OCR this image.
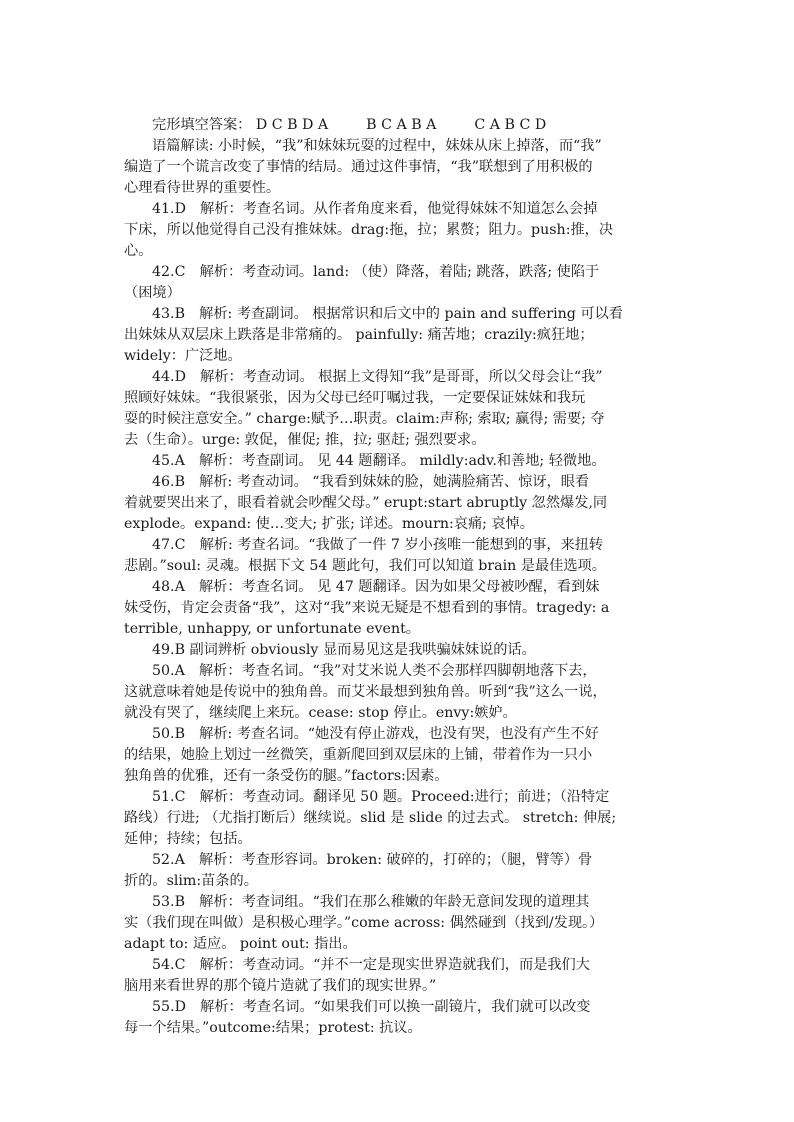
完形填空答案： D C B D A	B C A B A	C A B C D
语篇解读: 小时候，“我”和妹妹玩耍的过程中，妹妹从床上掉落，而“我”
编造了一个谎言改变了事情的结局。通过这件事情，“我”联想到了用积极的
心理看待世界的重要性。
41.D　解析：考查名词。从作者角度来看，他觉得妹妹不知道怎么会掉
下床，所以他觉得自己没有推妹妹。drag:拖，拉；累赘；阻力。push:推，决
心。
42.C　解析：考查动词。land: （使）降落，着陆; 跳落，跌落; 使陷于
（困境）
43.B　解析: 考查副词。 根据常识和后文中的 pain and suffering 可以看
出妹妹从双层床上跌落是非常痛的。 painfully: 痛苦地；crazily:疯狂地；
widely：广泛地。
44.D　解析：考查动词。 根据上文得知“我”是哥哥，所以父母会让“我”
照顾好妹妹。“我很紧张，因为父母已经叮嘱过我，一定要保证妹妹和我玩
耍的时候注意安全。” charge:赋予…职责。claim:声称; 索取; 赢得; 需要; 夺
去（生命）。urge: 敦促，催促; 推，拉; 驱赶; 强烈要求。
45.A　解析：考查副词。 见 44 题翻译。 mildly:adv.和善地; 轻微地。
46.B　解析: 考查动词。 “我看到妹妹的脸，她满脸痛苦、惊讶，眼看
着就要哭出来了，眼看着就会吵醒父母。” erupt:start abruptly 忽然爆发,同
explode。expand: 使…变大; 扩张; 详述。mourn:哀痛; 哀悼。
47.C　解析: 考查名词。“我做了一件 7 岁小孩唯一能想到的事，来扭转
悲剧。”soul: 灵魂。根据下文 54 题此句，我们可以知道 brain 是最佳选项。
48.A　解析：考查名词。 见 47 题翻译。因为如果父母被吵醒，看到妹
妹受伤，肯定会责备“我”，这对“我”来说无疑是不想看到的事情。tragedy: a
terrible, unhappy, or unfortunate event。
49.B 副词辨析 obviously 显而易见这是我哄骗妹妹说的话。
50.A　解析：考查名词。“我”对艾米说人类不会那样四脚朝地落下去，
这就意味着她是传说中的独角兽。而艾米最想到独角兽。听到“我”这么一说，
就没有哭了，继续爬上来玩。cease: stop 停止。envy:嫉妒。
50.B　解析: 考查名词。“她没有停止游戏，也没有哭，也没有产生不好
的结果，她脸上划过一丝微笑，重新爬回到双层床的上铺，带着作为一只小
独角兽的优雅，还有一条受伤的腿。”factors:因素。
51.C　解析：考查动词。翻译见 50 题。Proceed:进行；前进；（沿特定
路线）行进; （尤指打断后）继续说。slid 是 slide 的过去式。 stretch: 伸展;
延伸；持续；包括。
52.A　解析：考查形容词。broken: 破碎的，打碎的；（腿，臂等）骨
折的。slim:苗条的。
53.B　解析：考查词组。“我们在那么稚嫩的年龄无意间发现的道理其
实（我们现在叫做）是积极心理学。”come across: 偶然碰到（找到/发现。）
adapt to: 适应。 point out: 指出。
54.C　解析：考查动词。“并不一定是现实世界造就我们，而是我们大
脑用来看世界的那个镜片造就了我们的现实世界。”
55.D　解析：考查名词。“如果我们可以换一副镜片，我们就可以改变
每一个结果。”outcome:结果；protest: 抗议。
